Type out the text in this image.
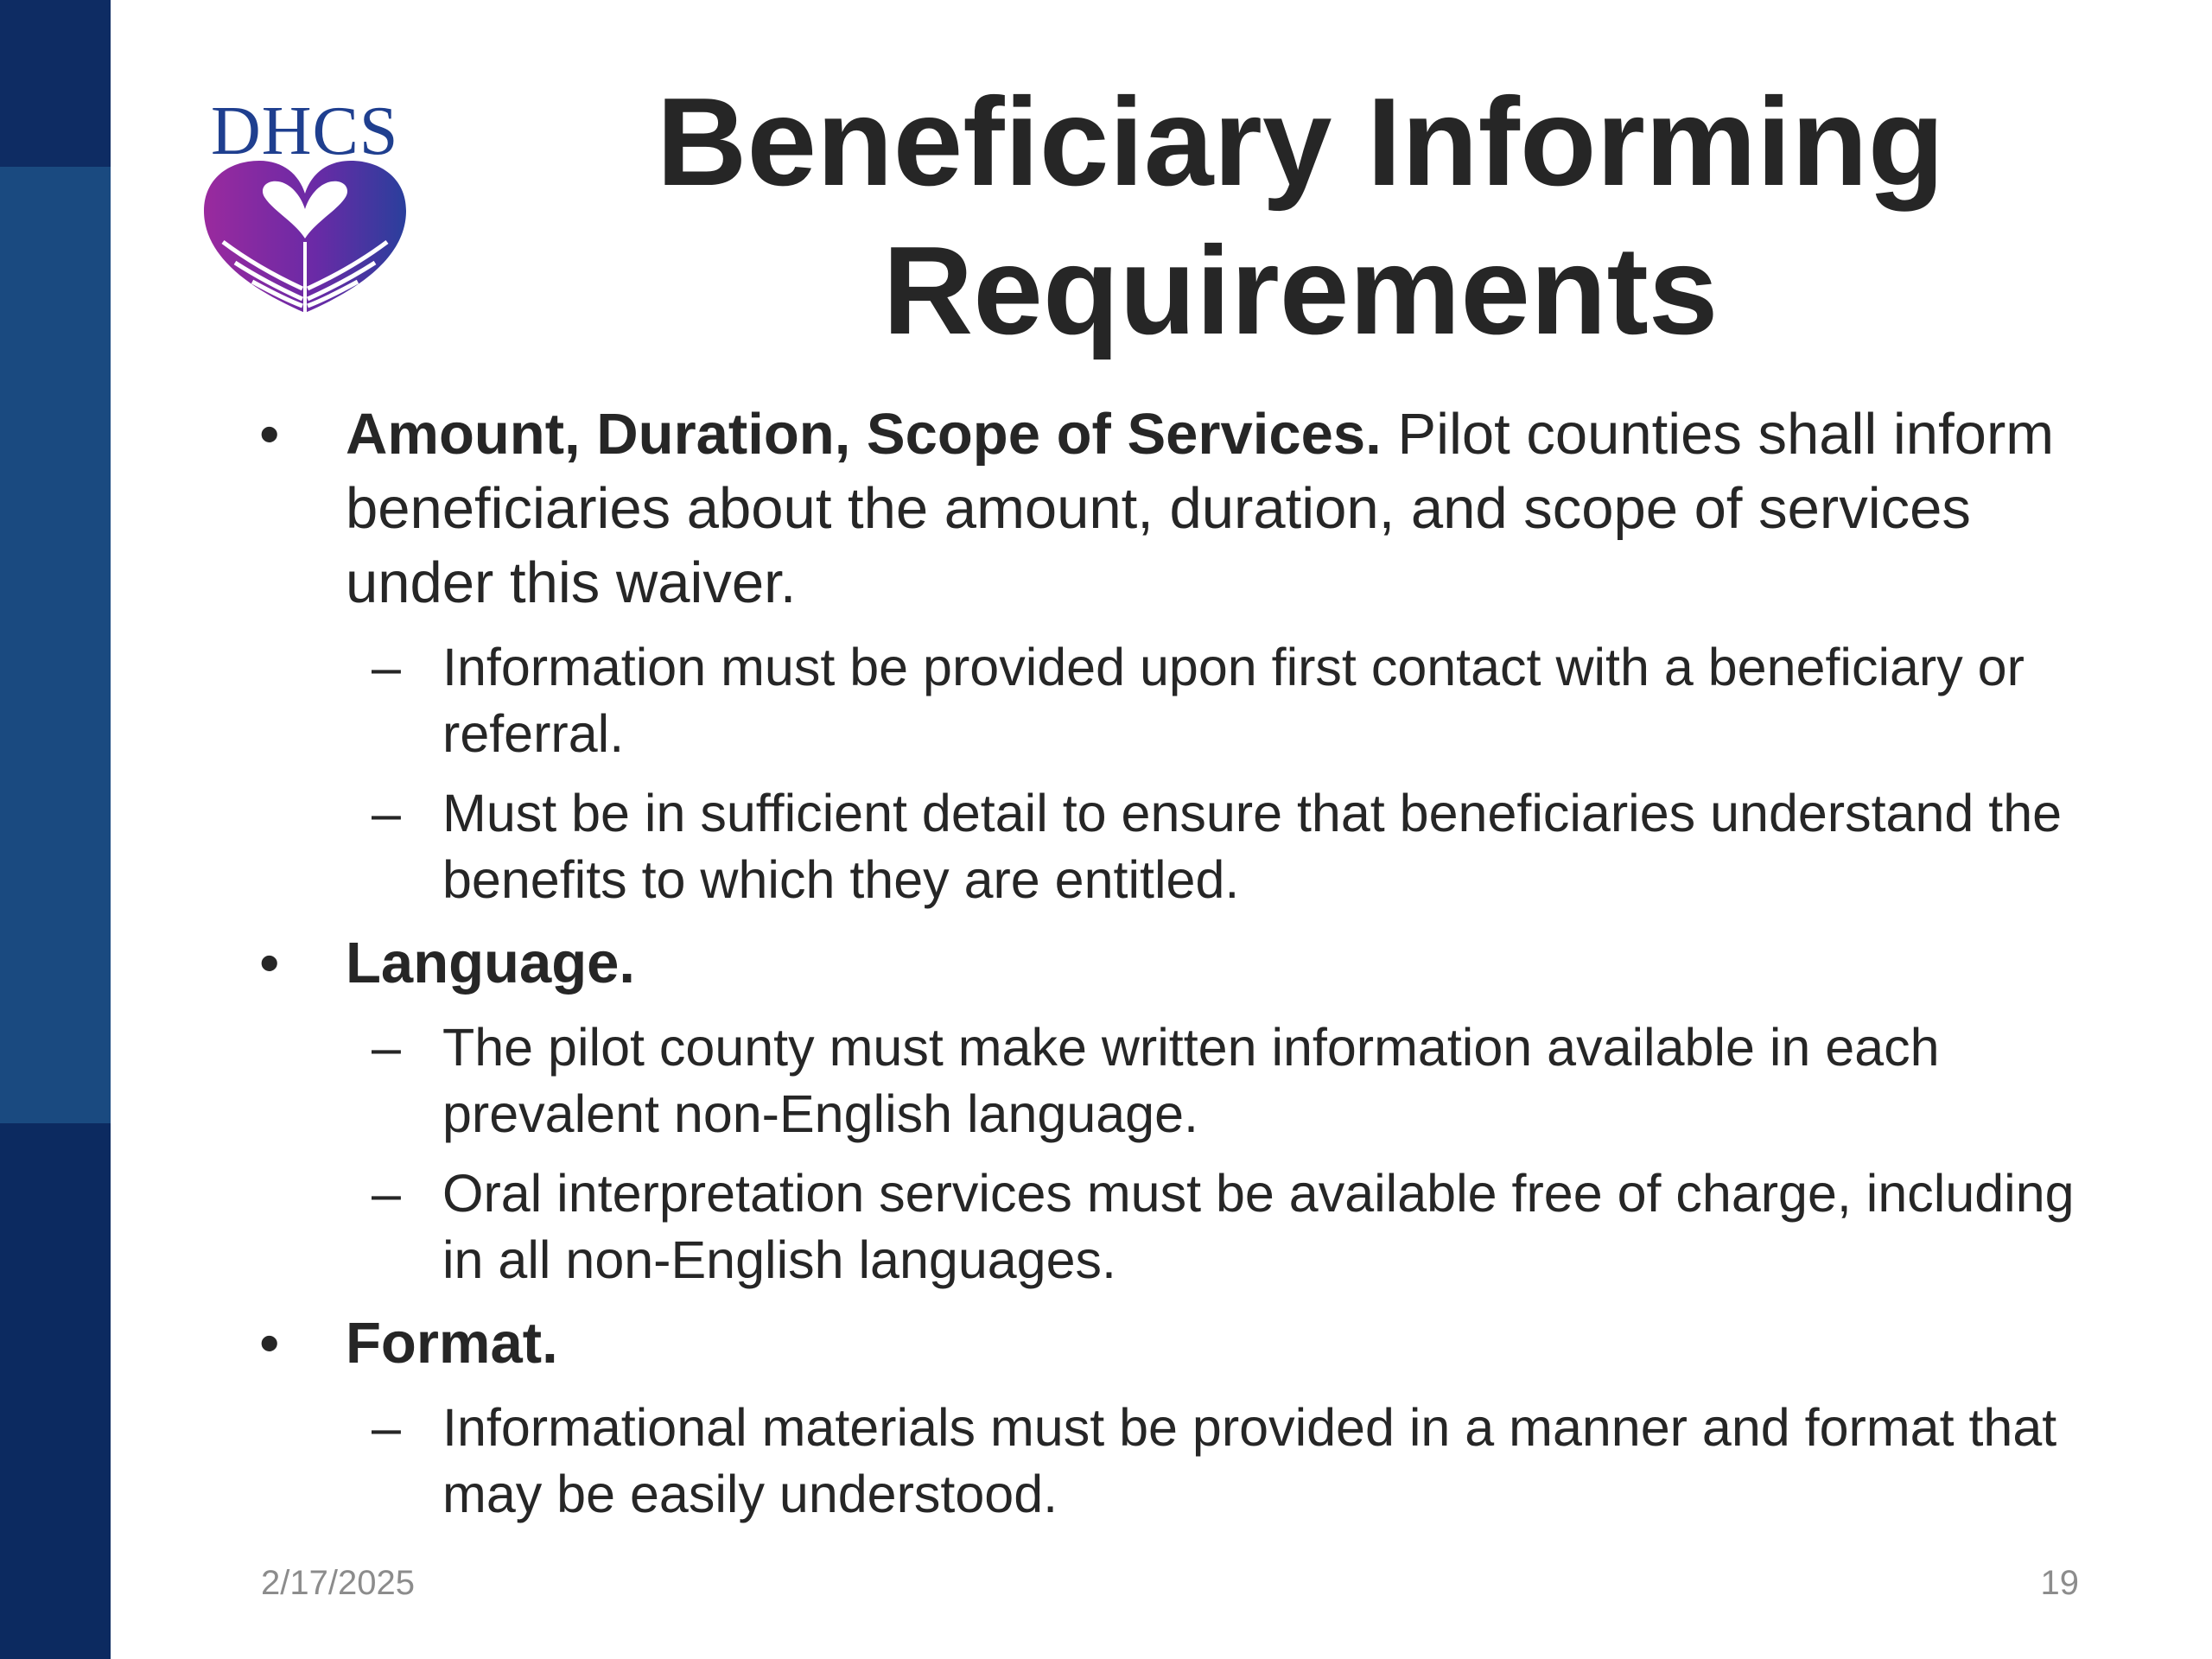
DHCS	Beneficiary Informing
Requirements
• Amount, Duration, Scope of Services. Pilot counties shall inform beneficiaries about the amount, duration, and scope of services under this waiver.
– Information must be provided upon first contact with a beneficiary or referral.
– Must be in sufficient detail to ensure that beneficiaries understand the benefits to which they are entitled.
• Language.
– The pilot county must make written information available in each prevalent non-English language.
– Oral interpretation services must be available free of charge, including in all non-English languages.
• Format.
– Informational materials must be provided in a manner and format that may be easily understood.
2/17/2025	19
